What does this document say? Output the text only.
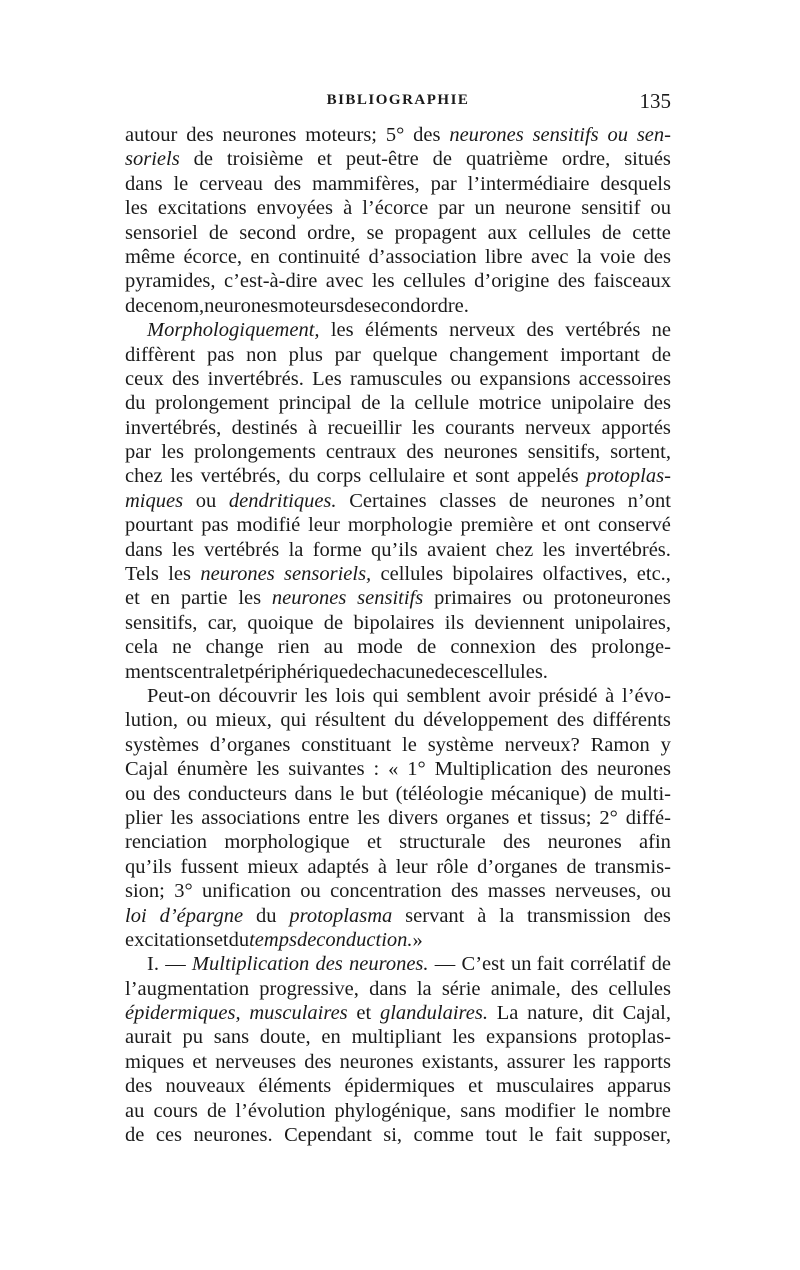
BIBLIOGRAPHIE	135
autour des neurones moteurs; 5° des neurones sensitifs ou sen-
soriels de troisième et peut-être de quatrième ordre, situés
dans le cerveau des mammifères, par l’intermédiaire desquels
les excitations envoyées à l’écorce par un neurone sensitif ou
sensoriel de second ordre, se propagent aux cellules de cette
même écorce, en continuité d’association libre avec la voie des
pyramides, c’est-à-dire avec les cellules d’origine des faisceaux
de ce nom, neurones moteurs de second ordre.
Morphologiquement, les éléments nerveux des vertébrés ne
diffèrent pas non plus par quelque changement important de
ceux des invertébrés. Les ramuscules ou expansions accessoires
du prolongement principal de la cellule motrice unipolaire des
invertébrés, destinés à recueillir les courants nerveux apportés
par les prolongements centraux des neurones sensitifs, sortent,
chez les vertébrés, du corps cellulaire et sont appelés protoplas-
miques ou dendritiques. Certaines classes de neurones n’ont
pourtant pas modifié leur morphologie première et ont conservé
dans les vertébrés la forme qu’ils avaient chez les invertébrés.
Tels les neurones sensoriels, cellules bipolaires olfactives, etc.,
et en partie les neurones sensitifs primaires ou protoneurones
sensitifs, car, quoique de bipolaires ils deviennent unipolaires,
cela ne change rien au mode de connexion des prolonge-
ments central et périphérique de chacune de ces cellules.
Peut-on découvrir les lois qui semblent avoir présidé à l’évo-
lution, ou mieux, qui résultent du développement des différents
systèmes d’organes constituant le système nerveux? Ramon y
Cajal énumère les suivantes : « 1° Multiplication des neurones
ou des conducteurs dans le but (téléologie mécanique) de multi-
plier les associations entre les divers organes et tissus; 2° diffé-
renciation morphologique et structurale des neurones afin
qu’ils fussent mieux adaptés à leur rôle d’organes de transmis-
sion; 3° unification ou concentration des masses nerveuses, ou
loi d’épargne du protoplasma servant à la transmission des
excitations et du temps de conduction. »
I. — Multiplication des neurones. — C’est un fait corrélatif de
l’augmentation progressive, dans la série animale, des cellules
épidermiques, musculaires et glandulaires. La nature, dit Cajal,
aurait pu sans doute, en multipliant les expansions protoplas-
miques et nerveuses des neurones existants, assurer les rapports
des nouveaux éléments épidermiques et musculaires apparus
au cours de l’évolution phylogénique, sans modifier le nombre
de ces neurones. Cependant si, comme tout le fait supposer,
